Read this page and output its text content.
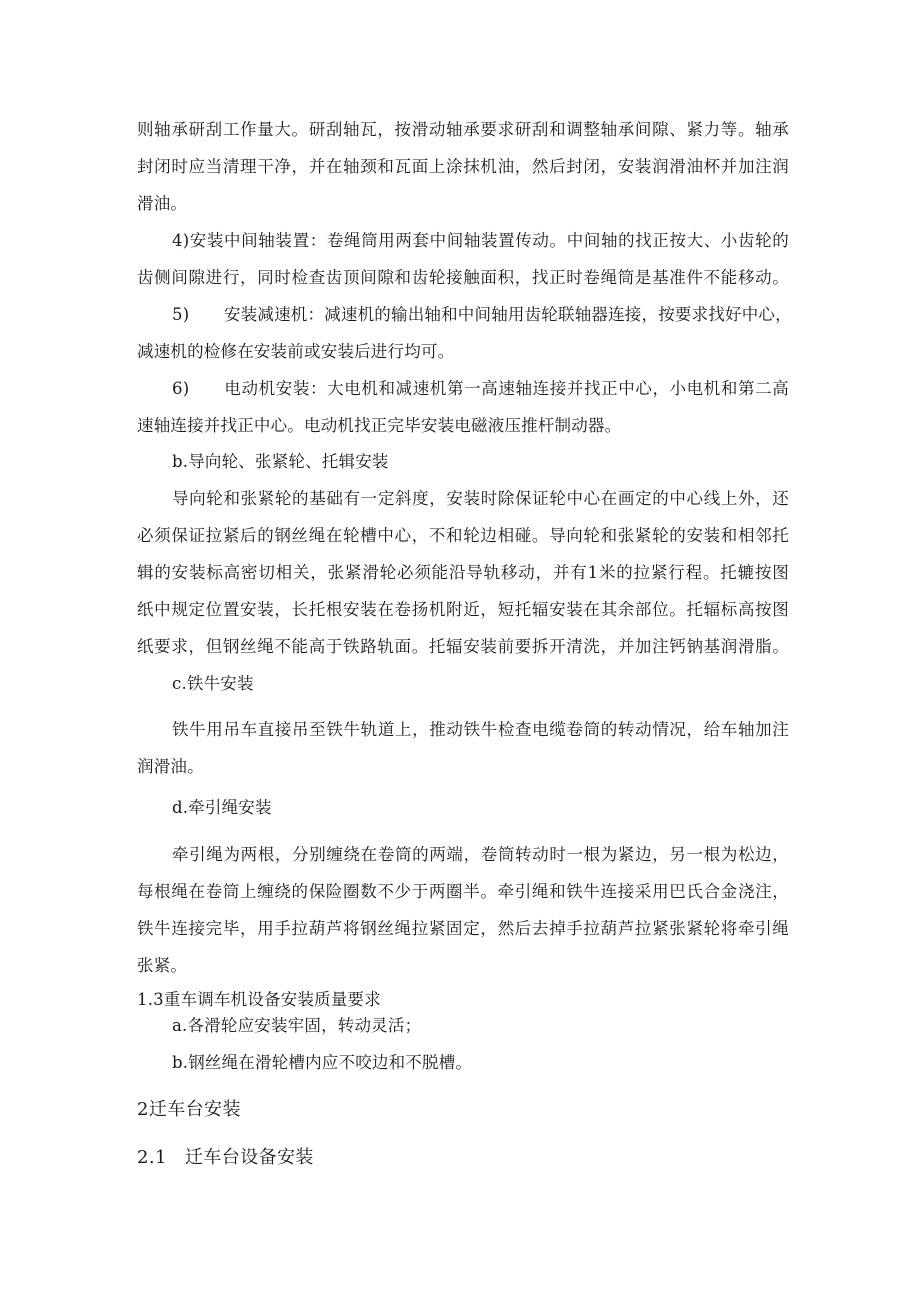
则轴承研刮工作量大。研刮轴瓦，按滑动轴承要求研刮和调整轴承间隙、紧力等。轴承

封闭时应当清理干净，并在轴颈和瓦面上涂抹机油，然后封闭，安装润滑油杯并加注润

滑油。

4)安装中间轴装置：卷绳筒用两套中间轴装置传动。中间轴的找正按大、小齿轮的

齿侧间隙进行，同时检查齿顶间隙和齿轮接触面积，找正时卷绳筒是基准件不能移动。

5) 安装减速机：减速机的输出轴和中间轴用齿轮联轴器连接，按要求找好中心，

减速机的检修在安装前或安装后进行均可。

6) 电动机安装：大电机和减速机第一高速轴连接并找正中心，小电机和第二高

速轴连接并找正中心。电动机找正完毕安装电磁液压推杆制动器。

b.导向轮、张紧轮、托辑安装

导向轮和张紧轮的基础有一定斜度，安装时除保证轮中心在画定的中心线上外，还

必须保证拉紧后的钢丝绳在轮槽中心，不和轮边相碰。导向轮和张紧轮的安装和相邻托

辑的安装标高密切相关，张紧滑轮必须能沿导轨移动，并有1米的拉紧行程。托辘按图

纸中规定位置安装，长托根安装在卷扬机附近，短托辐安装在其余部位。托辐标高按图

纸要求，但钢丝绳不能高于铁路轨面。托辐安装前要拆开清洗，并加注钙钠基润滑脂。

c.铁牛安装

铁牛用吊车直接吊至铁牛轨道上，推动铁牛检查电缆卷筒的转动情况，给车轴加注

润滑油。

d.牵引绳安装

牵引绳为两根，分别缠绕在卷筒的两端，卷筒转动时一根为紧边，另一根为松边，

每根绳在卷筒上缠绕的保险圈数不少于两圈半。牵引绳和铁牛连接采用巴氏合金浇注，

铁牛连接完毕，用手拉葫芦将钢丝绳拉紧固定，然后去掉手拉葫芦拉紧张紧轮将牵引绳

张紧。

1.3重车调车机设备安装质量要求

a.各滑轮应安装牢固，转动灵活；

b.钢丝绳在滑轮槽内应不咬边和不脱槽。

2迁车台安装

2.1 迁车台设备安装
